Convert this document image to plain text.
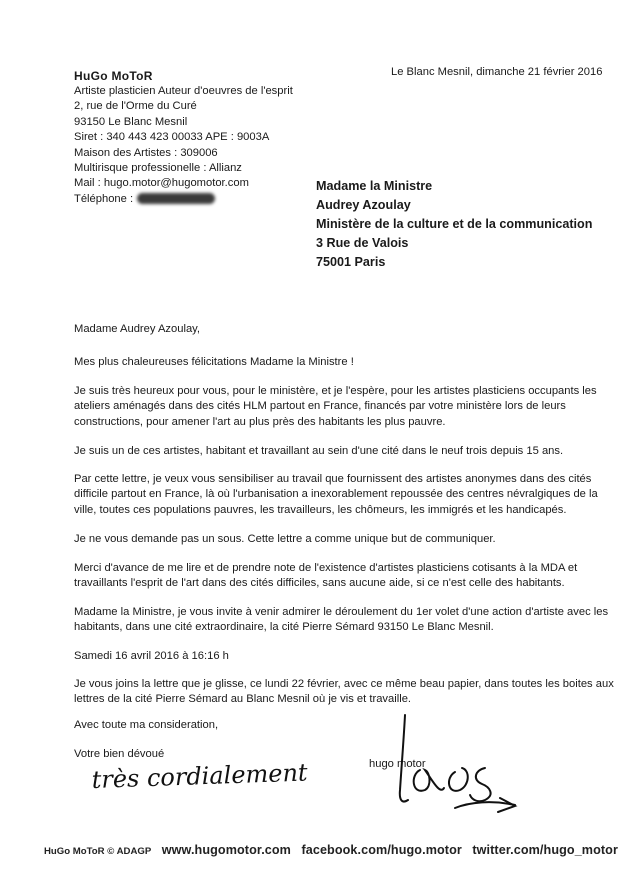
HuGo MoToR
Artiste plasticien Auteur d'oeuvres de l'esprit
2, rue de l'Orme du Curé
93150 Le Blanc Mesnil
Siret : 340 443 423 00033 APE : 9003A
Maison des Artistes : 309006
Multirisque professionelle : Allianz
Mail : hugo.motor@hugomotor.com
Téléphone :
Le Blanc Mesnil, dimanche 21 février 2016
Madame la Ministre
Audrey Azoulay
Ministère de la culture et de la communication
3 Rue de Valois
75001 Paris

Madame Audrey Azoulay,

Mes plus chaleureuses félicitations Madame la Ministre !

Je suis très heureux pour vous, pour le ministère, et je l'espère, pour les artistes plasticiens occupants les ateliers aménagés dans des cités HLM partout en France, financés par votre ministère lors de leurs constructions, pour amener l'art au plus près des habitants les plus pauvre.

Je suis un de ces artistes, habitant et travaillant au sein d'une cité dans le neuf trois depuis 15 ans.

Par cette lettre, je veux vous sensibiliser au travail que fournissent des artistes anonymes dans des cités difficile partout en France, là où l'urbanisation a inexorablement repoussée des centres névralgiques de la ville, toutes ces populations pauvres, les travailleurs, les chômeurs, les immigrés et les handicapés.

Je ne vous demande pas un sous. Cette lettre a comme unique but de communiquer.

Merci d'avance de me lire et de prendre note de l'existence d'artistes plasticiens cotisants à la MDA et travaillants l'esprit de l'art dans des cités difficiles, sans aucune aide, si ce n'est celle des habitants.

Madame la Ministre, je vous invite à venir admirer le déroulement du 1er volet d'une action d'artiste avec les habitants, dans une cité extraordinaire, la cité Pierre Sémard 93150 Le Blanc Mesnil.

Samedi 16 avril 2016 à 16:16 h

Je vous joins la lettre que je glisse, ce lundi 22 février, avec ce même beau papier, dans toutes les boites aux lettres de la cité Pierre Sémard au Blanc Mesnil où je vis et travaille.

Avec toute ma consideration,
Votre bien dévoué
hugo motor
très cordialement
HuGo MoToR © ADAGP www.hugomotor.com facebook.com/hugo.motor twitter.com/hugo_motor
